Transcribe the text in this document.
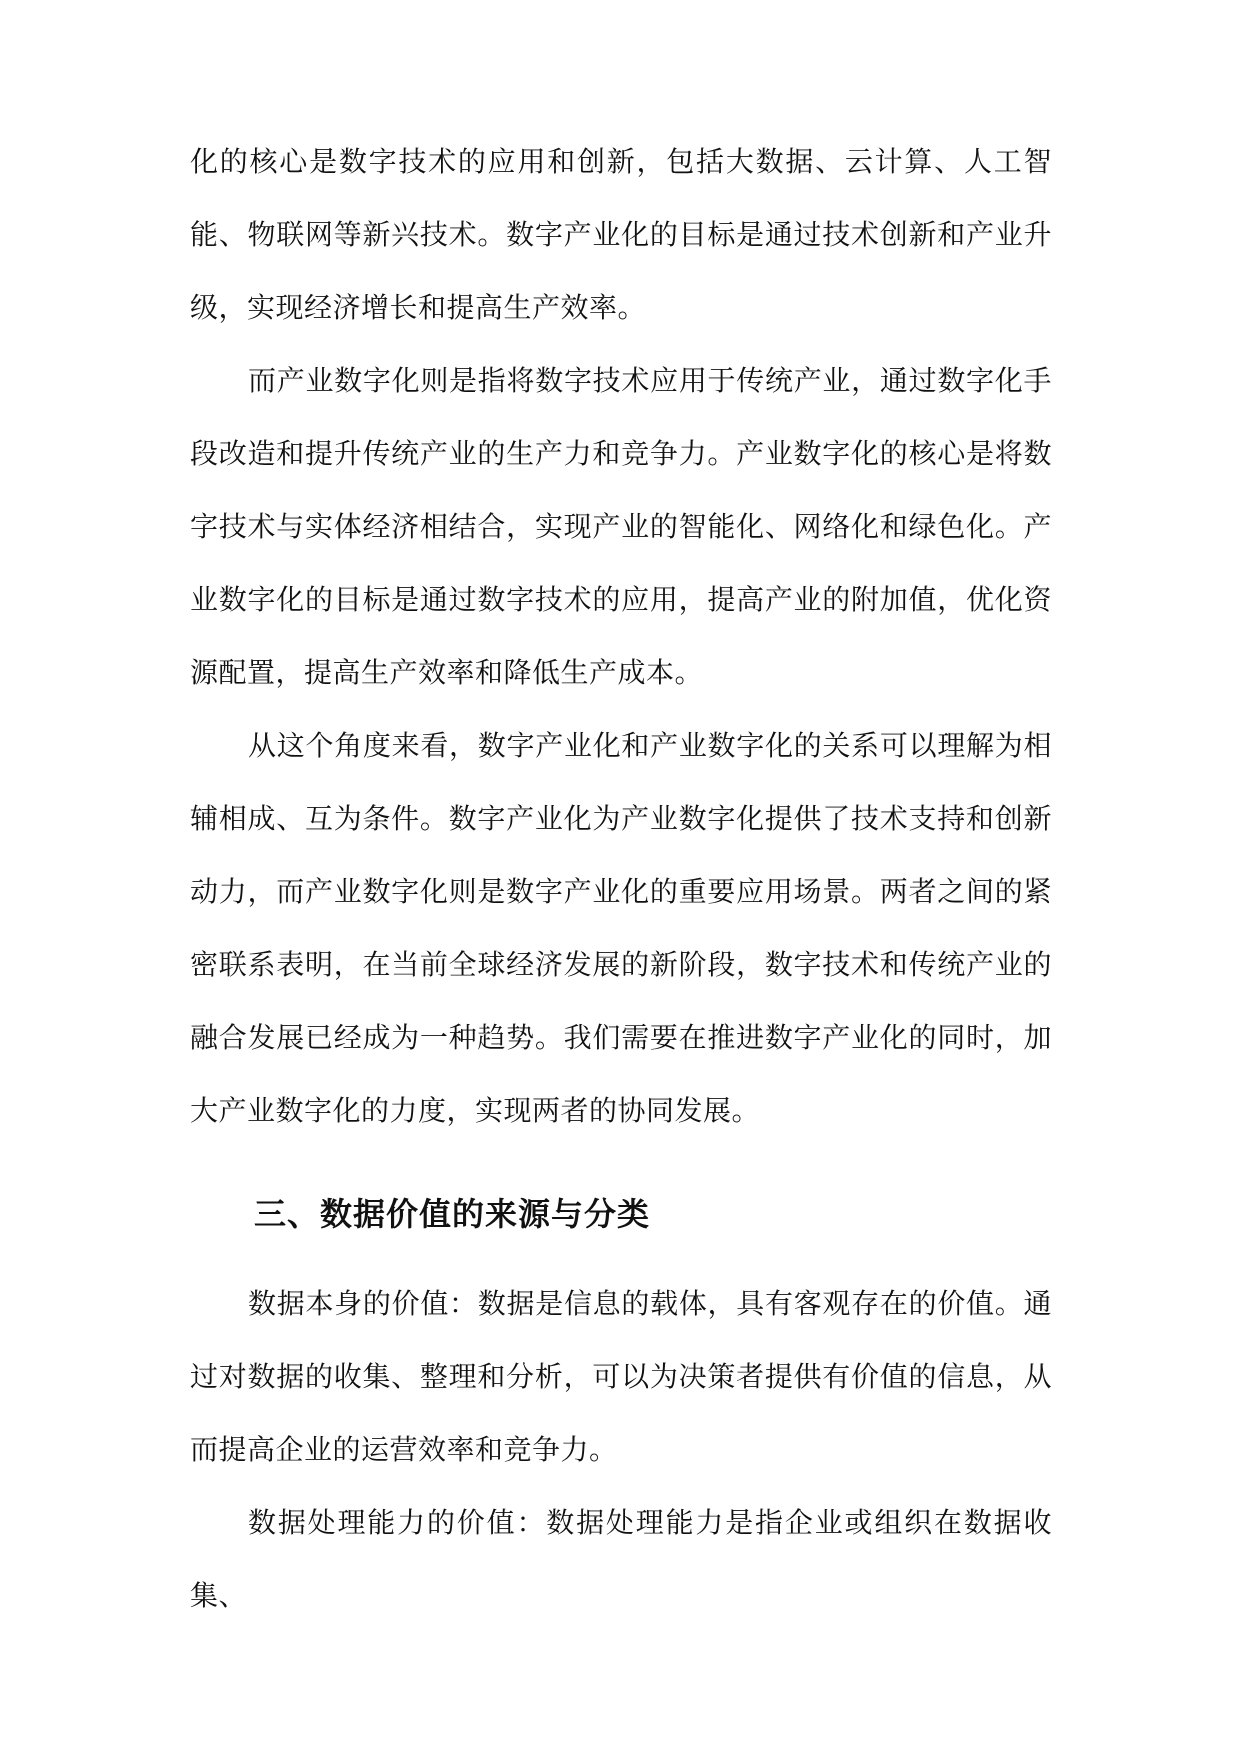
化的核心是数字技术的应用和创新，包括大数据、云计算、人工智能、物联网等新兴技术。数字产业化的目标是通过技术创新和产业升级，实现经济增长和提高生产效率。

而产业数字化则是指将数字技术应用于传统产业，通过数字化手段改造和提升传统产业的生产力和竞争力。产业数字化的核心是将数字技术与实体经济相结合，实现产业的智能化、网络化和绿色化。产业数字化的目标是通过数字技术的应用，提高产业的附加值，优化资源配置，提高生产效率和降低生产成本。

从这个角度来看，数字产业化和产业数字化的关系可以理解为相辅相成、互为条件。数字产业化为产业数字化提供了技术支持和创新动力，而产业数字化则是数字产业化的重要应用场景。两者之间的紧密联系表明，在当前全球经济发展的新阶段，数字技术和传统产业的融合发展已经成为一种趋势。我们需要在推进数字产业化的同时，加大产业数字化的力度，实现两者的协同发展。

三、数据价值的来源与分类

数据本身的价值：数据是信息的载体，具有客观存在的价值。通过对数据的收集、整理和分析，可以为决策者提供有价值的信息，从而提高企业的运营效率和竞争力。

数据处理能力的价值：数据处理能力是指企业或组织在数据收集、
